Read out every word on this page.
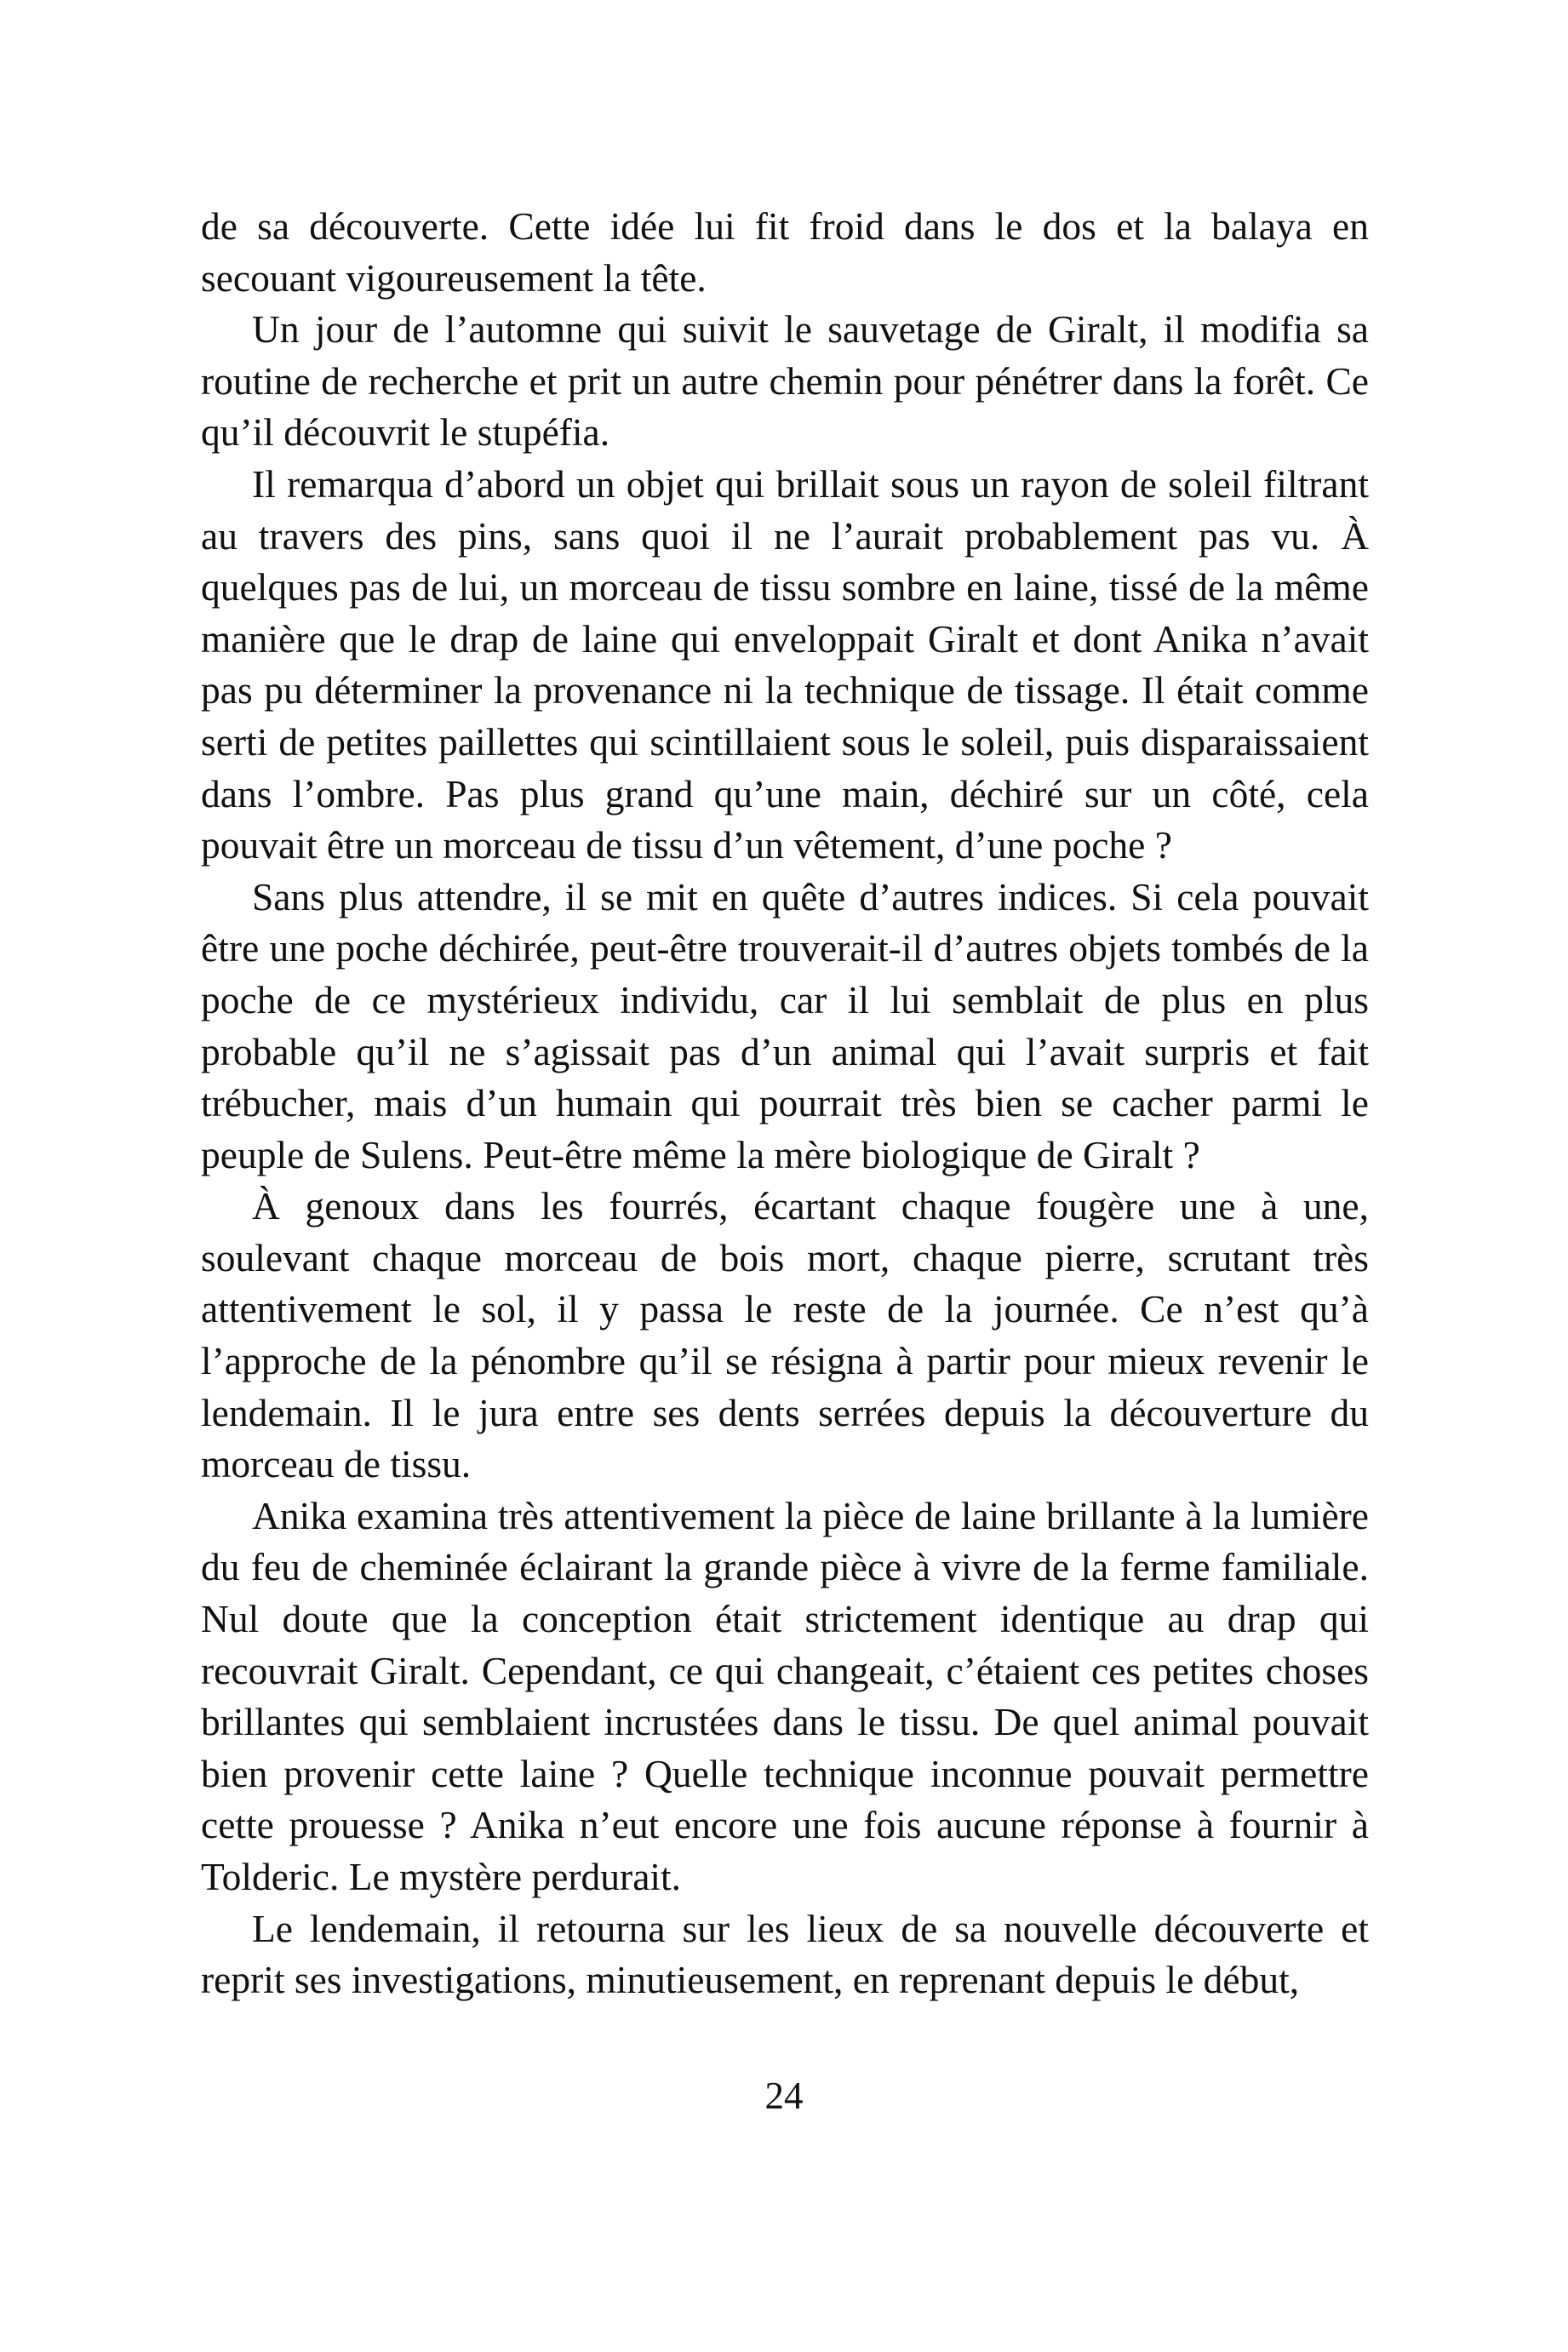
de sa découverte. Cette idée lui fit froid dans le dos et la balaya en secouant vigoureusement la tête.

Un jour de l’automne qui suivit le sauvetage de Giralt, il modifia sa routine de recherche et prit un autre chemin pour pénétrer dans la forêt. Ce qu’il découvrit le stupéfia.

Il remarqua d’abord un objet qui brillait sous un rayon de soleil filtrant au travers des pins, sans quoi il ne l’aurait probablement pas vu. À quelques pas de lui, un morceau de tissu sombre en laine, tissé de la même manière que le drap de laine qui enveloppait Giralt et dont Anika n’avait pas pu déterminer la provenance ni la technique de tissage. Il était comme serti de petites paillettes qui scintillaient sous le soleil, puis disparaissaient dans l’ombre. Pas plus grand qu’une main, déchiré sur un côté, cela pouvait être un morceau de tissu d’un vêtement, d’une poche ?

Sans plus attendre, il se mit en quête d’autres indices. Si cela pouvait être une poche déchirée, peut-être trouverait-il d’autres objets tombés de la poche de ce mystérieux individu, car il lui semblait de plus en plus probable qu’il ne s’agissait pas d’un animal qui l’avait surpris et fait trébucher, mais d’un humain qui pourrait très bien se cacher parmi le peuple de Sulens. Peut-être même la mère biologique de Giralt ?

À genoux dans les fourrés, écartant chaque fougère une à une, soulevant chaque morceau de bois mort, chaque pierre, scrutant très attentivement le sol, il y passa le reste de la journée. Ce n’est qu’à l’approche de la pénombre qu’il se résigna à partir pour mieux revenir le lendemain. Il le jura entre ses dents serrées depuis la découverture du morceau de tissu.

Anika examina très attentivement la pièce de laine brillante à la lumière du feu de cheminée éclairant la grande pièce à vivre de la ferme familiale. Nul doute que la conception était strictement identique au drap qui recouvrait Giralt. Cependant, ce qui changeait, c’étaient ces petites choses brillantes qui semblaient incrustées dans le tissu. De quel animal pouvait bien provenir cette laine ? Quelle technique inconnue pouvait permettre cette prouesse ? Anika n’eut encore une fois aucune réponse à fournir à Tolderic. Le mystère perdurait.

Le lendemain, il retourna sur les lieux de sa nouvelle découverte et reprit ses investigations, minutieusement, en reprenant depuis le début,

24
